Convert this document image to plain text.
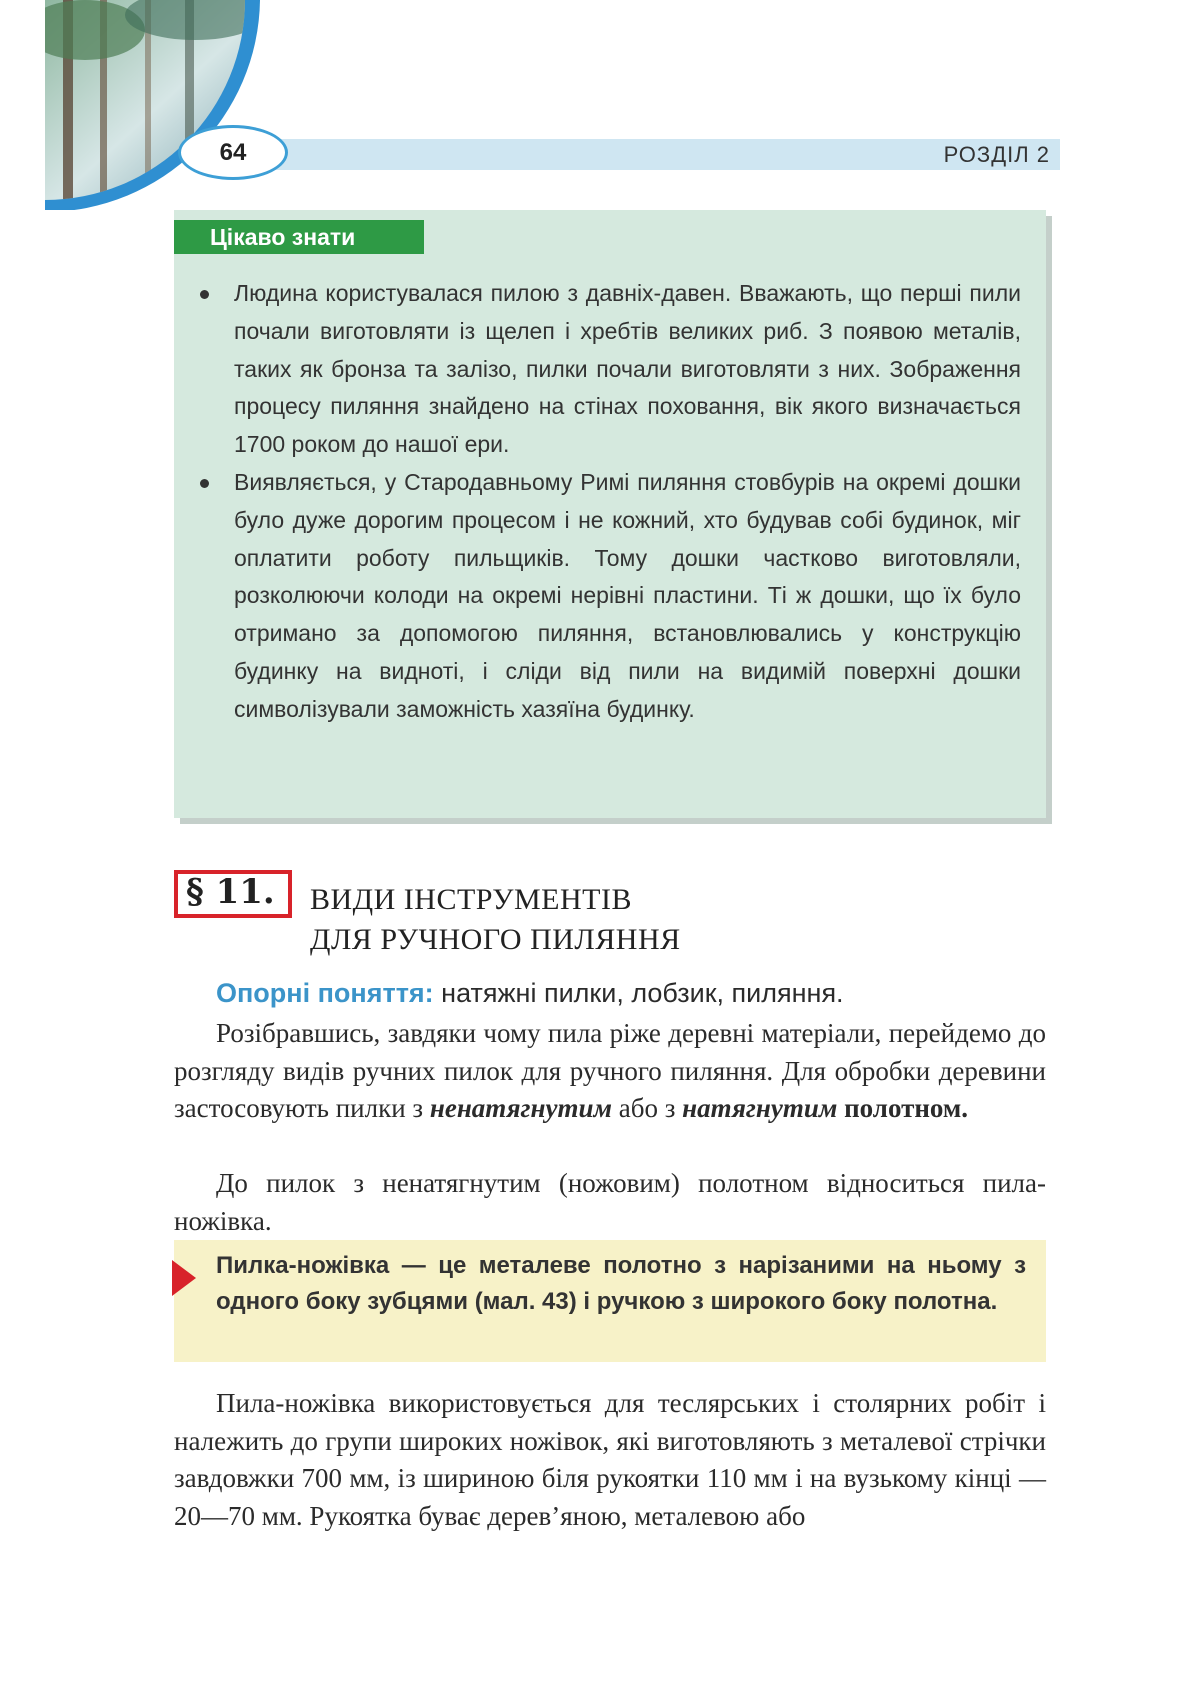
РОЗДІЛ 2
64
Цікаво знати
Людина користувалася пилою з давніх-давен. Вважають, що перші пили почали виготовляти із щелеп і хребтів великих риб. З появою металів, таких як бронза та залізо, пилки почали виготовляти з них. Зображення процесу пиляння знайдено на стінах поховання, вік якого визначається 1700 роком до нашої ери.
Виявляється, у Стародавньому Римі пиляння стовбурів на окремі дошки було дуже дорогим процесом і не кожний, хто будував собі будинок, міг оплатити роботу пильщиків. Тому дошки частково виготовляли, розколюючи колоди на окремі нерівні пластини. Ті ж дошки, що їх було отримано за допомогою пиляння, встановлювались у конструкцію будинку на видноті, і сліди від пили на видимій поверхні дошки символізували заможність хазяїна будинку.
§ 11. ВИДИ ІНСТРУМЕНТІВ
ДЛЯ РУЧНОГО ПИЛЯННЯ
Опорні поняття: натяжні пилки, лобзик, пиляння.

Розібравшись, завдяки чому пила ріже деревні матеріали, перейдемо до розгляду видів ручних пилок для ручного пиляння. Для обробки деревини застосовують пилки з ненатягнутим або з натягнутим полотном.

До пилок з ненатягнутим (ножовим) полотном відноситься пила-ножівка.

Пилка-ножівка — це металеве полотно з нарізаними на ньому з одного боку зубцями (мал. 43) і ручкою з широкого боку полотна.

Пила-ножівка використовується для теслярських і столярних робіт і належить до групи широких ножівок, які виготовляють з металевої стрічки завдовжки 700 мм, із шириною біля рукоятки 110 мм і на вузькому кінці — 20—70 мм. Рукоятка буває дерев’яною, металевою або
